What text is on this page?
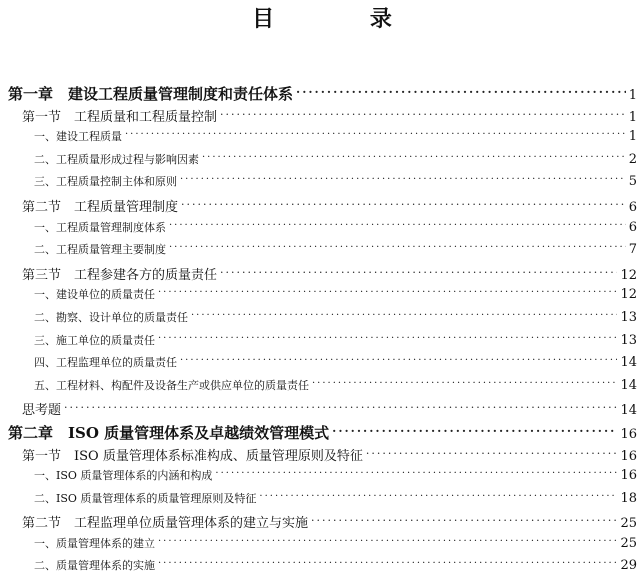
目 录
第一章　建设工程质量管理制度和责任体系 ·····	1
第一节　工程质量和工程质量控制 ·····	1
一、建设工程质量 ·····	1
二、工程质量形成过程与影响因素 ·····	2
三、工程质量控制主体和原则 ·····	5
第二节　工程质量管理制度 ·····	6
一、工程质量管理制度体系 ·····	6
二、工程质量管理主要制度 ·····	7
第三节　工程参建各方的质量责任 ·····	12
一、建设单位的质量责任 ·····	12
二、勘察、设计单位的质量责任 ·····	13
三、施工单位的质量责任 ·····	13
四、工程监理单位的质量责任 ·····	14
五、工程材料、构配件及设备生产或供应单位的质量责任 ·····	14
思考题 ·····	14
第二章　ISO 质量管理体系及卓越绩效管理模式 ·····	16
第一节　ISO 质量管理体系标准构成、质量管理原则及特征 ·····	16
一、ISO 质量管理体系的内涵和构成 ·····	16
二、ISO 质量管理体系的质量管理原则及特征 ·····	18
第二节　工程监理单位质量管理体系的建立与实施 ·····	25
一、质量管理体系的建立 ·····	25
二、质量管理体系的实施 ·····	29
